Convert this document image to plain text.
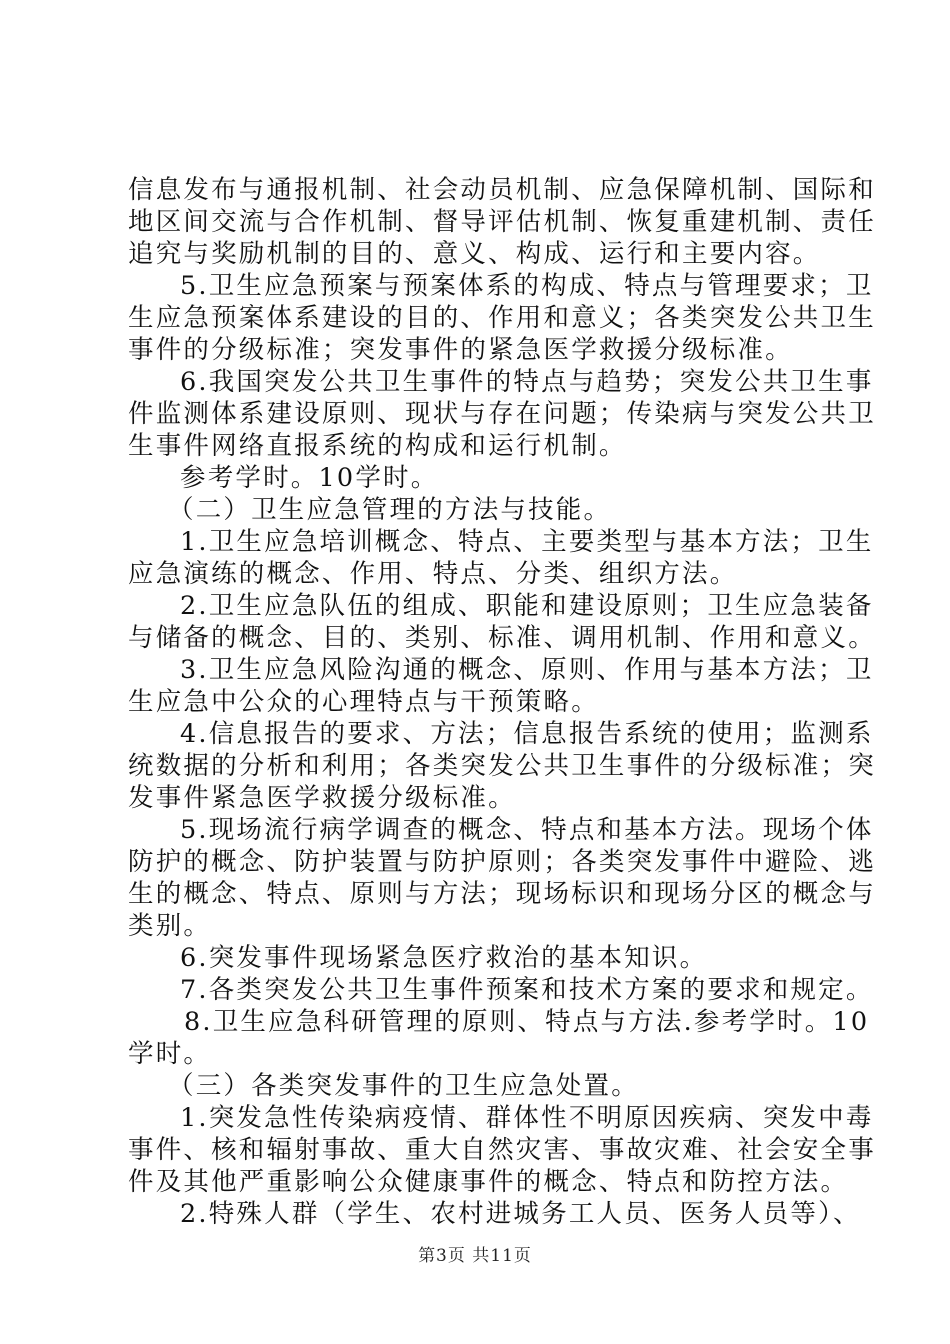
信息发布与通报机制、社会动员机制、应急保障机制、国际和
地区间交流与合作机制、督导评估机制、恢复重建机制、责任
追究与奖励机制的目的、意义、构成、运行和主要内容。
5.卫生应急预案与预案体系的构成、特点与管理要求；卫
生应急预案体系建设的目的、作用和意义；各类突发公共卫生
事件的分级标准；突发事件的紧急医学救援分级标准。
6.我国突发公共卫生事件的特点与趋势；突发公共卫生事
件监测体系建设原则、现状与存在问题；传染病与突发公共卫
生事件网络直报系统的构成和运行机制。
参考学时。10学时。
（二）卫生应急管理的方法与技能。
1.卫生应急培训概念、特点、主要类型与基本方法；卫生
应急演练的概念、作用、特点、分类、组织方法。
2.卫生应急队伍的组成、职能和建设原则；卫生应急装备
与储备的概念、目的、类别、标准、调用机制、作用和意义。
3.卫生应急风险沟通的概念、原则、作用与基本方法；卫
生应急中公众的心理特点与干预策略。
4.信息报告的要求、方法；信息报告系统的使用；监测系
统数据的分析和利用；各类突发公共卫生事件的分级标准；突
发事件紧急医学救援分级标准。
5.现场流行病学调查的概念、特点和基本方法。现场个体
防护的概念、防护装置与防护原则；各类突发事件中避险、逃
生的概念、特点、原则与方法；现场标识和现场分区的概念与
类别。
6.突发事件现场紧急医疗救治的基本知识。
7.各类突发公共卫生事件预案和技术方案的要求和规定。
8.卫生应急科研管理的原则、特点与方法.参考学时。10
学时。
（三）各类突发事件的卫生应急处置。
1.突发急性传染病疫情、群体性不明原因疾病、突发中毒
事件、核和辐射事故、重大自然灾害、事故灾难、社会安全事
件及其他严重影响公众健康事件的概念、特点和防控方法。
2.特殊人群（学生、农村进城务工人员、医务人员等）、
第3页 共11页
